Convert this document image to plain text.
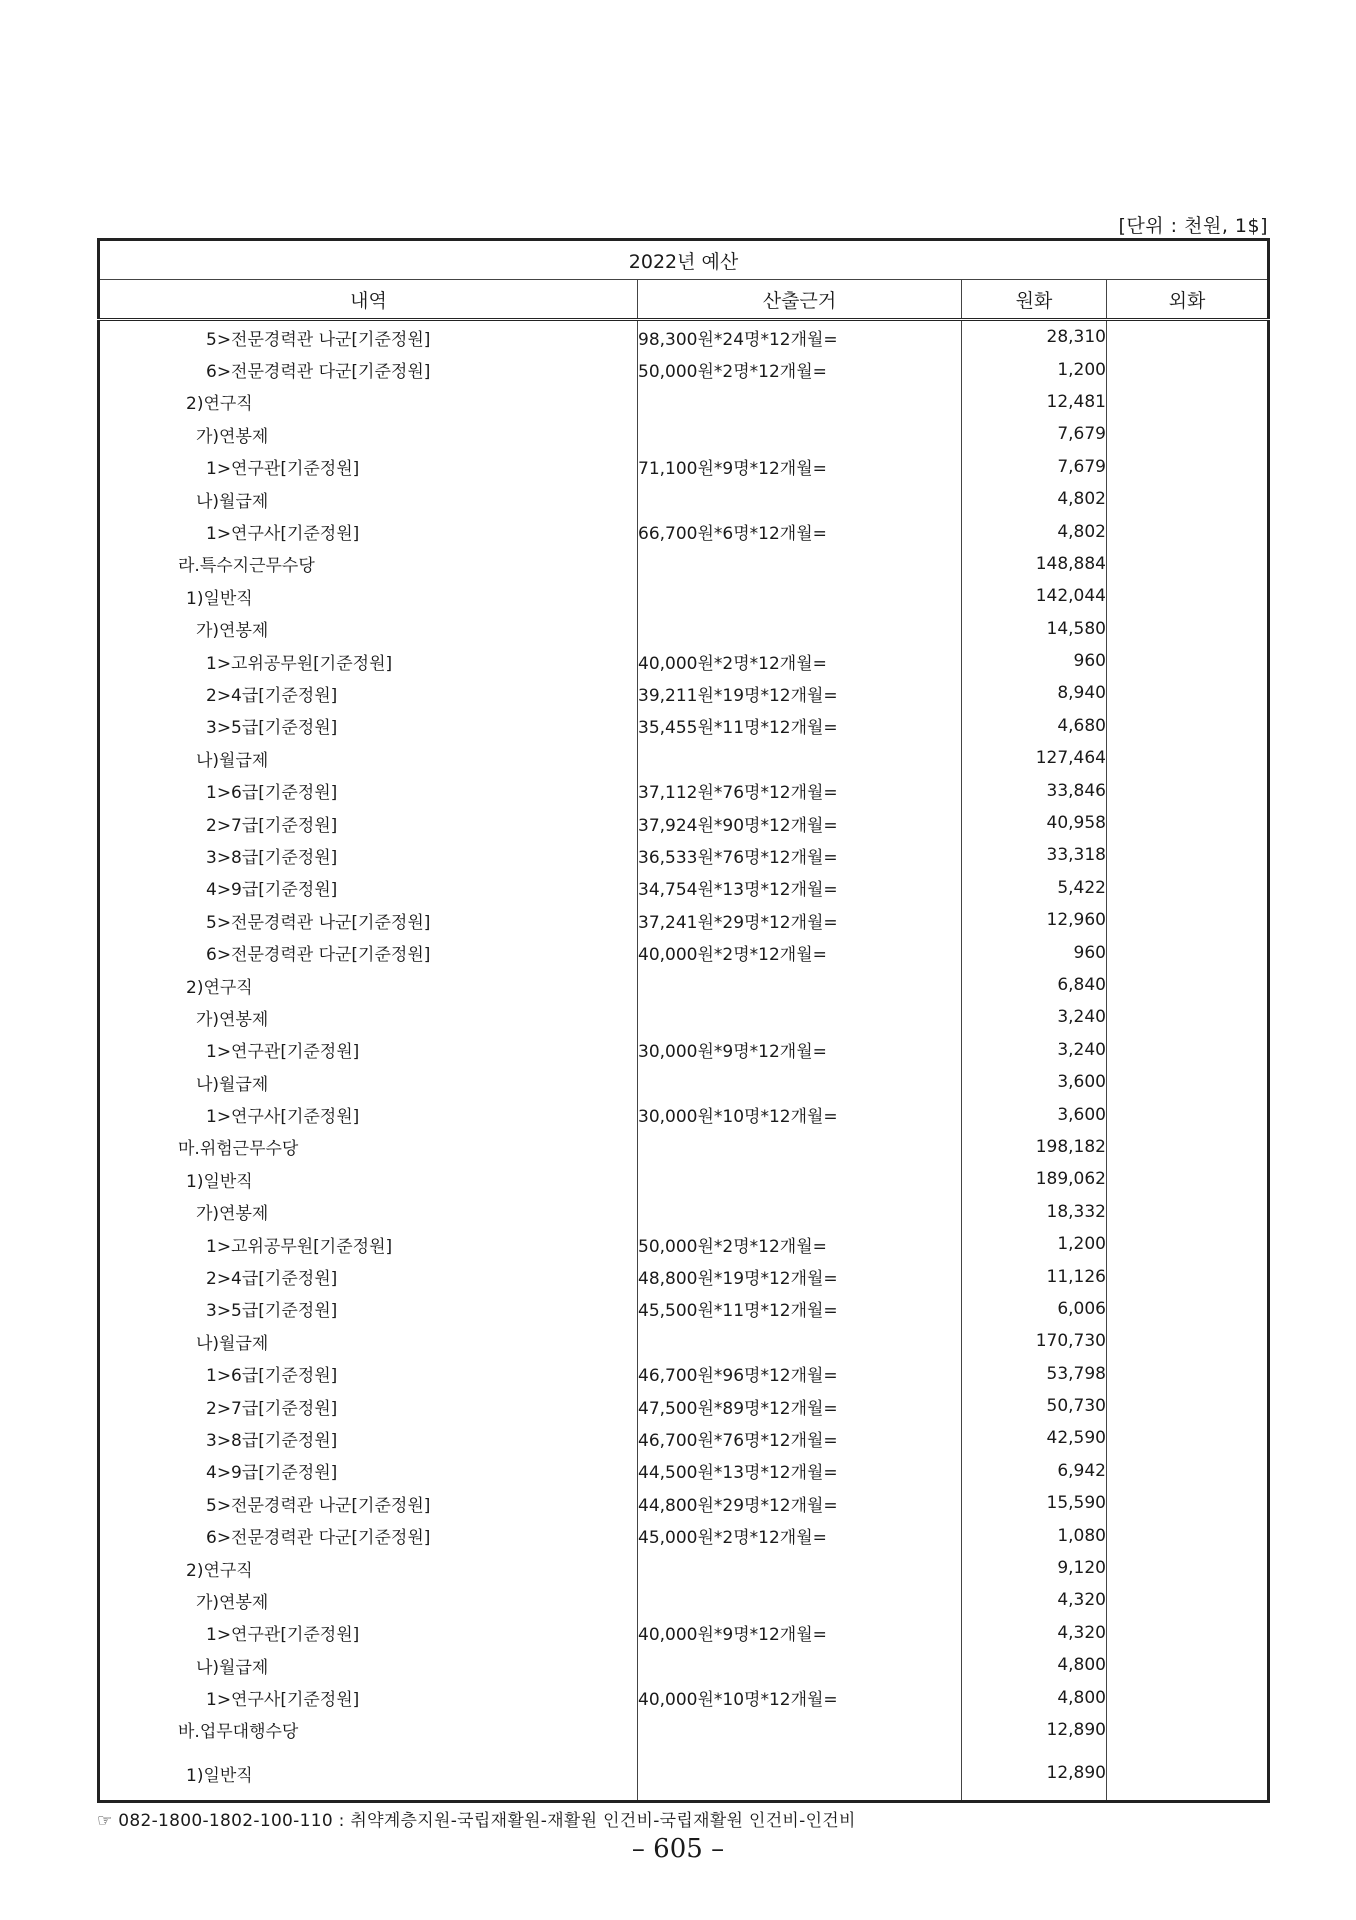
[단위 : 천원, 1$]
2022년 예산			
내역	산출근거	원화	외화
5>전문경력관 나군[기준정원]	98,300원*24명*12개월=	28,310	
6>전문경력관 다군[기준정원]	50,000원*2명*12개월=	1,200	
2)연구직		12,481	
가)연봉제		7,679	
1>연구관[기준정원]	71,100원*9명*12개월=	7,679	
나)월급제		4,802	
1>연구사[기준정원]	66,700원*6명*12개월=	4,802	
라.특수지근무수당		148,884	
1)일반직		142,044	
가)연봉제		14,580	
1>고위공무원[기준정원]	40,000원*2명*12개월=	960	
2>4급[기준정원]	39,211원*19명*12개월=	8,940	
3>5급[기준정원]	35,455원*11명*12개월=	4,680	
나)월급제		127,464	
1>6급[기준정원]	37,112원*76명*12개월=	33,846	
2>7급[기준정원]	37,924원*90명*12개월=	40,958	
3>8급[기준정원]	36,533원*76명*12개월=	33,318	
4>9급[기준정원]	34,754원*13명*12개월=	5,422	
5>전문경력관 나군[기준정원]	37,241원*29명*12개월=	12,960	
6>전문경력관 다군[기준정원]	40,000원*2명*12개월=	960	
2)연구직		6,840	
가)연봉제		3,240	
1>연구관[기준정원]	30,000원*9명*12개월=	3,240	
나)월급제		3,600	
1>연구사[기준정원]	30,000원*10명*12개월=	3,600	
마.위험근무수당		198,182	
1)일반직		189,062	
가)연봉제		18,332	
1>고위공무원[기준정원]	50,000원*2명*12개월=	1,200	
2>4급[기준정원]	48,800원*19명*12개월=	11,126	
3>5급[기준정원]	45,500원*11명*12개월=	6,006	
나)월급제		170,730	
1>6급[기준정원]	46,700원*96명*12개월=	53,798	
2>7급[기준정원]	47,500원*89명*12개월=	50,730	
3>8급[기준정원]	46,700원*76명*12개월=	42,590	
4>9급[기준정원]	44,500원*13명*12개월=	6,942	
5>전문경력관 나군[기준정원]	44,800원*29명*12개월=	15,590	
6>전문경력관 다군[기준정원]	45,000원*2명*12개월=	1,080	
2)연구직		9,120	
가)연봉제		4,320	
1>연구관[기준정원]	40,000원*9명*12개월=	4,320	
나)월급제		4,800	
1>연구사[기준정원]	40,000원*10명*12개월=	4,800	
바.업무대행수당		12,890	
1)일반직		12,890	
☞ 082-1800-1802-100-110 : 취약계층지원-국립재활원-재활원 인건비-국립재활원 인건비-인건비
– 605 –
